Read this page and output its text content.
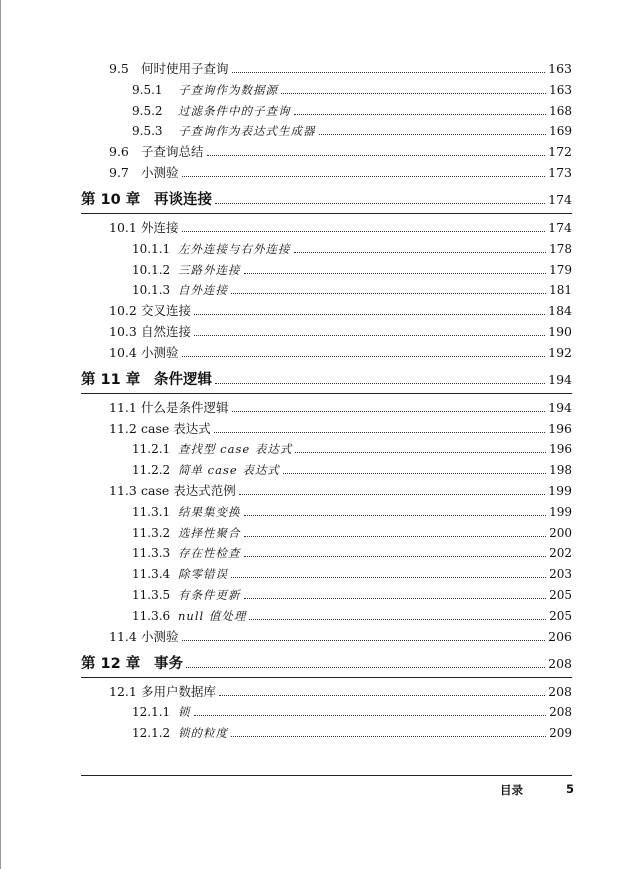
9.5 何时使用子查询	163
9.5.1 子查询作为数据源	163
9.5.2 过滤条件中的子查询	168
9.5.3 子查询作为表达式生成器	169
9.6 子查询总结	172
9.7 小测验	173
第 10 章 再谈连接	174
10.1 外连接	174
10.1.1 左外连接与右外连接	178
10.1.2 三路外连接	179
10.1.3 自外连接	181
10.2 交叉连接	184
10.3 自然连接	190
10.4 小测验	192
第 11 章 条件逻辑	194
11.1 什么是条件逻辑	194
11.2 case 表达式	196
11.2.1 查找型 case 表达式	196
11.2.2 简单 case 表达式	198
11.3 case 表达式范例	199
11.3.1 结果集变换	199
11.3.2 选择性聚合	200
11.3.3 存在性检查	202
11.3.4 除零错误	203
11.3.5 有条件更新	205
11.3.6 null 值处理	205
11.4 小测验	206
第 12 章 事务	208
12.1 多用户数据库	208
12.1.1 锁	208
12.1.2 锁的粒度	209
目录	5
